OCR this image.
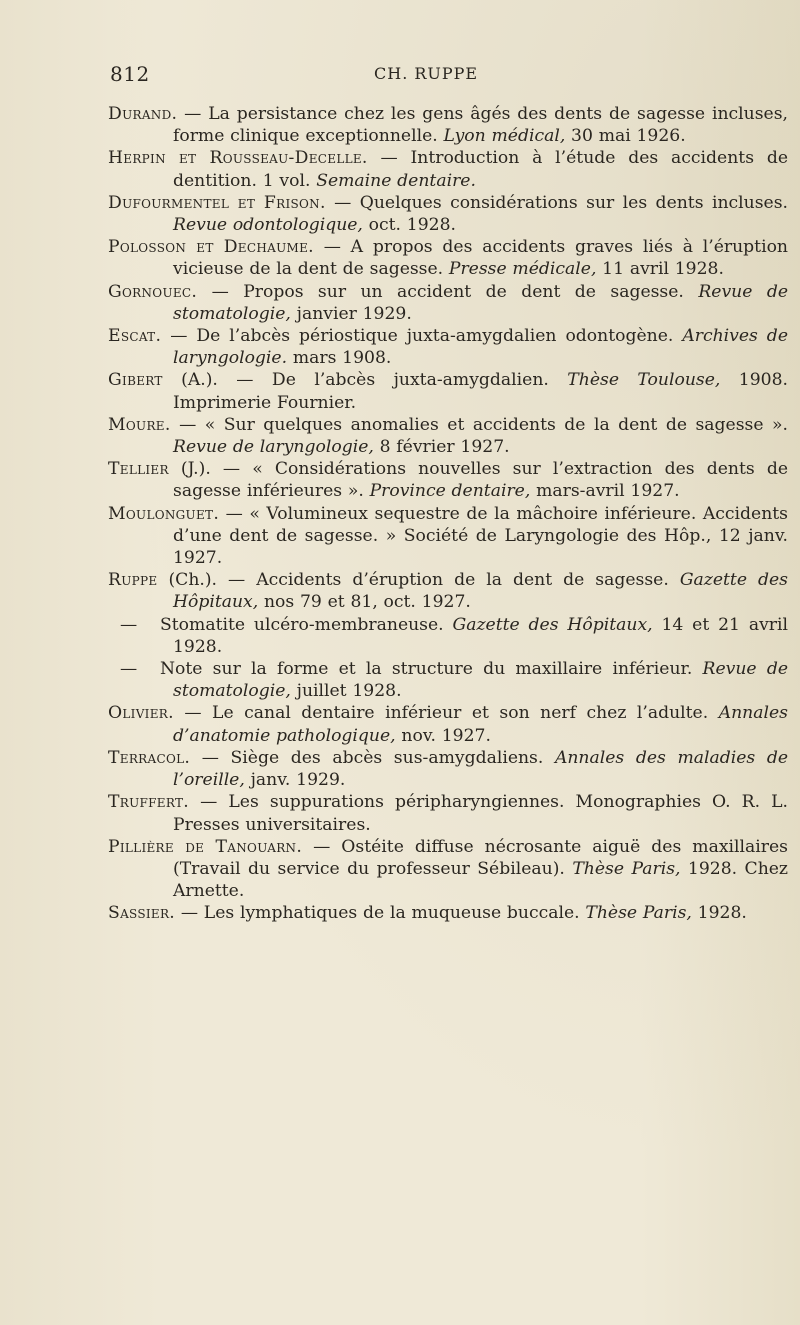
812	CH. RUPPE
Durand. — La persistance chez les gens âgés des dents de sagesse incluses, forme clinique exceptionnelle. Lyon médical, 30 mai 1926.
Herpin et Rousseau-Decelle. — Introduction à l’étude des accidents de dentition. 1 vol. Semaine dentaire.
Dufourmentel et Frison. — Quelques considérations sur les dents incluses. Revue odontologique, oct. 1928.
Polosson et Dechaume. — A propos des accidents graves liés à l’éruption vicieuse de la dent de sagesse. Presse médicale, 11 avril 1928.
Gornouec. — Propos sur un accident de dent de sagesse. Revue de stomatologie, janvier 1929.
Escat. — De l’abcès périostique juxta-amygdalien odontogène. Archives de laryngologie. mars 1908.
Gibert (A.). — De l’abcès juxta-amygdalien. Thèse Toulouse, 1908. Imprimerie Fournier.
Moure. — « Sur quelques anomalies et accidents de la dent de sagesse ». Revue de laryngologie, 8 février 1927.
Tellier (J.). — « Considérations nouvelles sur l’extraction des dents de sagesse inférieures ». Province dentaire, mars-avril 1927.
Moulonguet. — « Volumineux sequestre de la mâchoire inférieure. Accidents d’une dent de sagesse. » Société de Laryngologie des Hôp., 12 janv. 1927.
Ruppe (Ch.). — Accidents d’éruption de la dent de sagesse. Gazette des Hôpitaux, nos 79 et 81, oct. 1927.
— Stomatite ulcéro-membraneuse. Gazette des Hôpitaux, 14 et 21 avril 1928.
— Note sur la forme et la structure du maxillaire inférieur. Revue de stomatologie, juillet 1928.
Olivier. — Le canal dentaire inférieur et son nerf chez l’adulte. Annales d’anatomie pathologique, nov. 1927.
Terracol. — Siège des abcès sus-amygdaliens. Annales des maladies de l’oreille, janv. 1929.
Truffert. — Les suppurations péripharyngiennes. Monographies O. R. L. Presses universitaires.
Pillière de Tanouarn. — Ostéite diffuse nécrosante aiguë des maxillaires (Travail du service du professeur Sébileau). Thèse Paris, 1928. Chez Arnette.
Sassier. — Les lymphatiques de la muqueuse buccale. Thèse Paris, 1928.
